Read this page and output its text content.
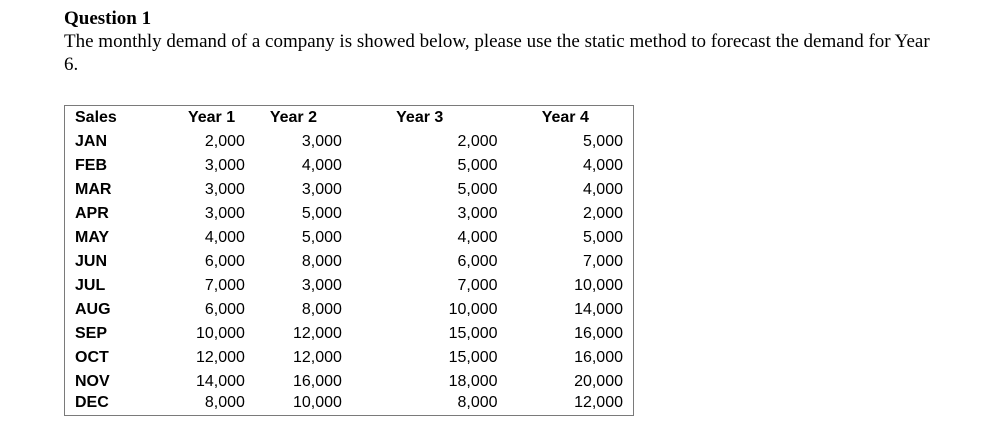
Question 1

The monthly demand of a company is showed below, please use the static method to forecast the demand for Year 6.

Sales	Year 1	Year 2	Year 3	Year 4
JAN	2,000	3,000	2,000	5,000
FEB	3,000	4,000	5,000	4,000
MAR	3,000	3,000	5,000	4,000
APR	3,000	5,000	3,000	2,000
MAY	4,000	5,000	4,000	5,000
JUN	6,000	8,000	6,000	7,000
JUL	7,000	3,000	7,000	10,000
AUG	6,000	8,000	10,000	14,000
SEP	10,000	12,000	15,000	16,000
OCT	12,000	12,000	15,000	16,000
NOV	14,000	16,000	18,000	20,000
DEC	8,000	10,000	8,000	12,000
